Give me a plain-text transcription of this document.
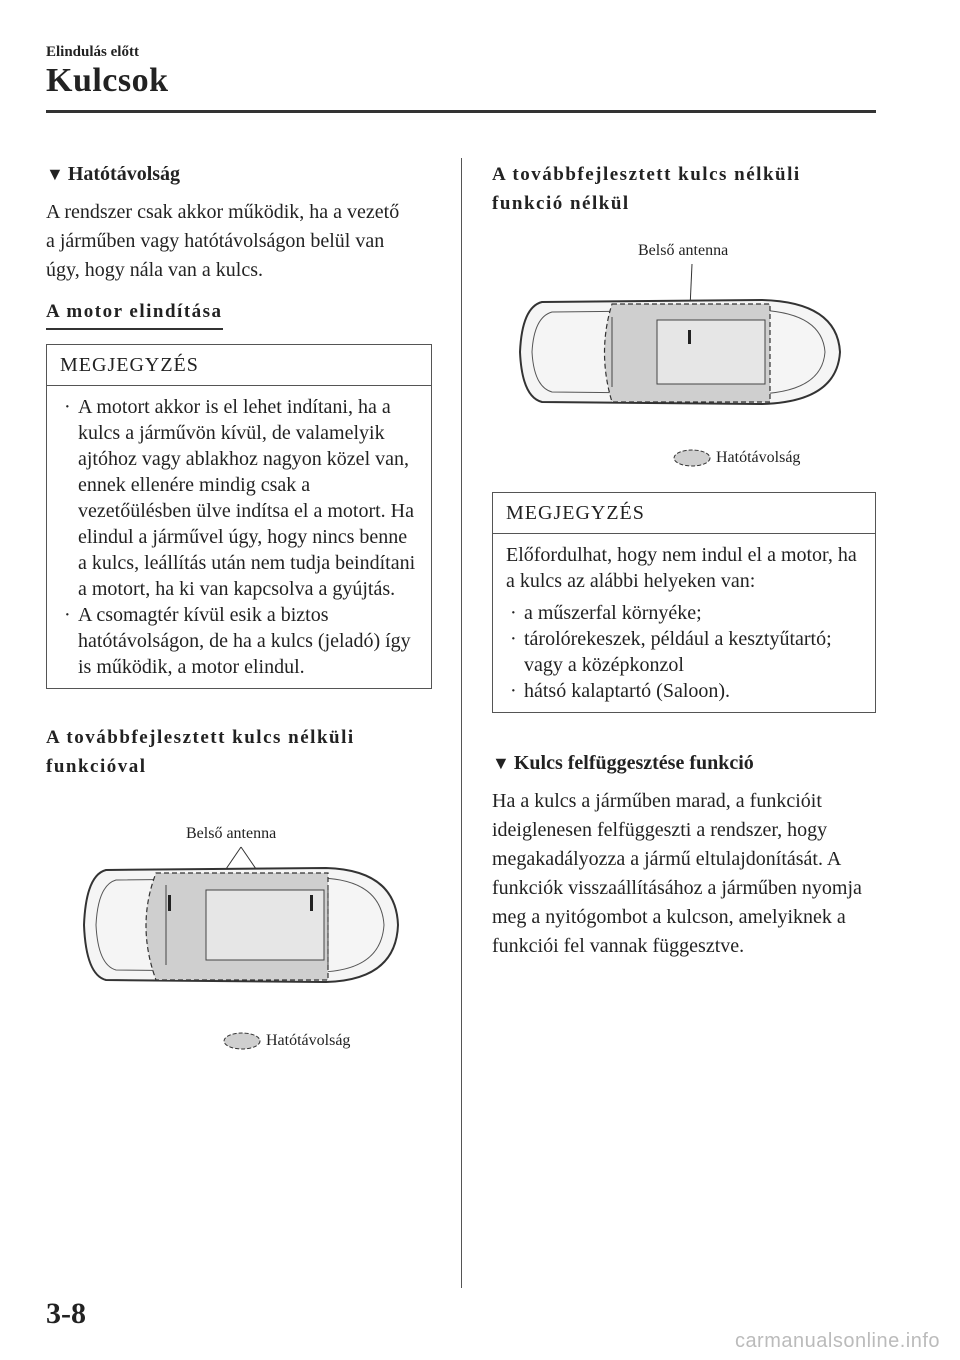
Elindulás előtt
Kulcsok
▼ Hatótávolság

A rendszer csak akkor működik, ha a vezető a járműben vagy hatótávolságon belül van úgy, hogy nála van a kulcs.

A motor elindítása
MEGJEGYZÉS

· A motort akkor is el lehet indítani, ha a kulcs a járművön kívül, de valamelyik ajtóhoz vagy ablakhoz nagyon közel van, ennek ellenére mindig csak a vezetőülésben ülve indítsa el a motort. Ha elindul a járművel úgy, hogy nincs benne a kulcs, leállítás után nem tudja beindítani a motort, ha ki van kapcsolva a gyújtás.

· A csomagtér kívül esik a biztos hatótávolságon, de ha a kulcs (jeladó) így is működik, a motor elindul.

A továbbfejlesztett kulcs nélküli funkcióval
Belső antenna
Hatótávolság
A továbbfejlesztett kulcs nélküli funkció nélkül
Belső antenna
Hatótávolság
MEGJEGYZÉS

Előfordulhat, hogy nem indul el a motor, ha a kulcs az alábbi helyeken van:

· a műszerfal környéke;

· tárolórekeszek, például a kesztyűtartó; vagy a középkonzol

· hátsó kalaptartó (Saloon).

▼ Kulcs felfüggesztése funkció

Ha a kulcs a járműben marad, a funkcióit ideiglenesen felfüggeszti a rendszer, hogy megakadályozza a jármű eltulajdonítását. A funkciók visszaállításához a járműben nyomja meg a nyitógombot a kulcson, amelyiknek a funkciói fel vannak függesztve.

3-8
carmanualsonline.info
